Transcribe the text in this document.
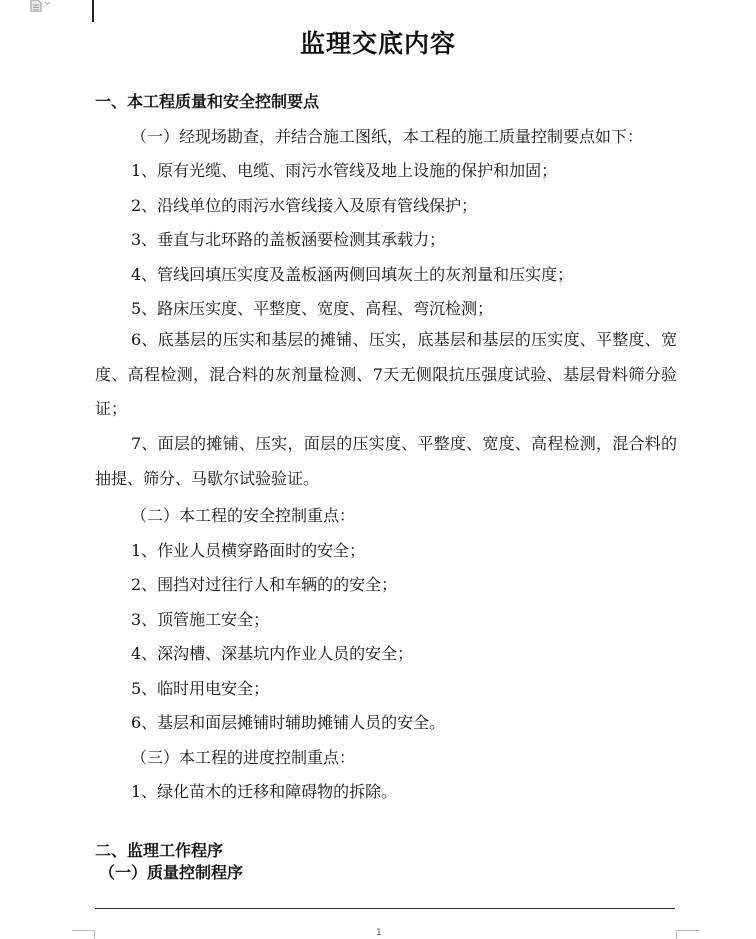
监理交底内容
一、本工程质量和安全控制要点
（一）经现场勘查，并结合施工图纸，本工程的施工质量控制要点如下：
1、原有光缆、电缆、雨污水管线及地上设施的保护和加固；
2、沿线单位的雨污水管线接入及原有管线保护；
3、垂直与北环路的盖板涵要检测其承载力；
4、管线回填压实度及盖板涵两侧回填灰土的灰剂量和压实度；
5、路床压实度、平整度、宽度、高程、弯沉检测；
6、底基层的压实和基层的摊铺、压实，底基层和基层的压实度、平整度、宽度、高程检测，混合料的灰剂量检测、7天无侧限抗压强度试验、基层骨料筛分验证；
7、面层的摊铺、压实，面层的压实度、平整度、宽度、高程检测，混合料的抽提、筛分、马歇尔试验验证。
（二）本工程的安全控制重点：
1、作业人员横穿路面时的安全；
2、围挡对过往行人和车辆的的安全；
3、顶管施工安全；
4、深沟槽、深基坑内作业人员的安全；
5、临时用电安全；
6、基层和面层摊铺时辅助摊铺人员的安全。
（三）本工程的进度控制重点：
1、绿化苗木的迁移和障碍物的拆除。
二、监理工作程序
（一）质量控制程序
1
